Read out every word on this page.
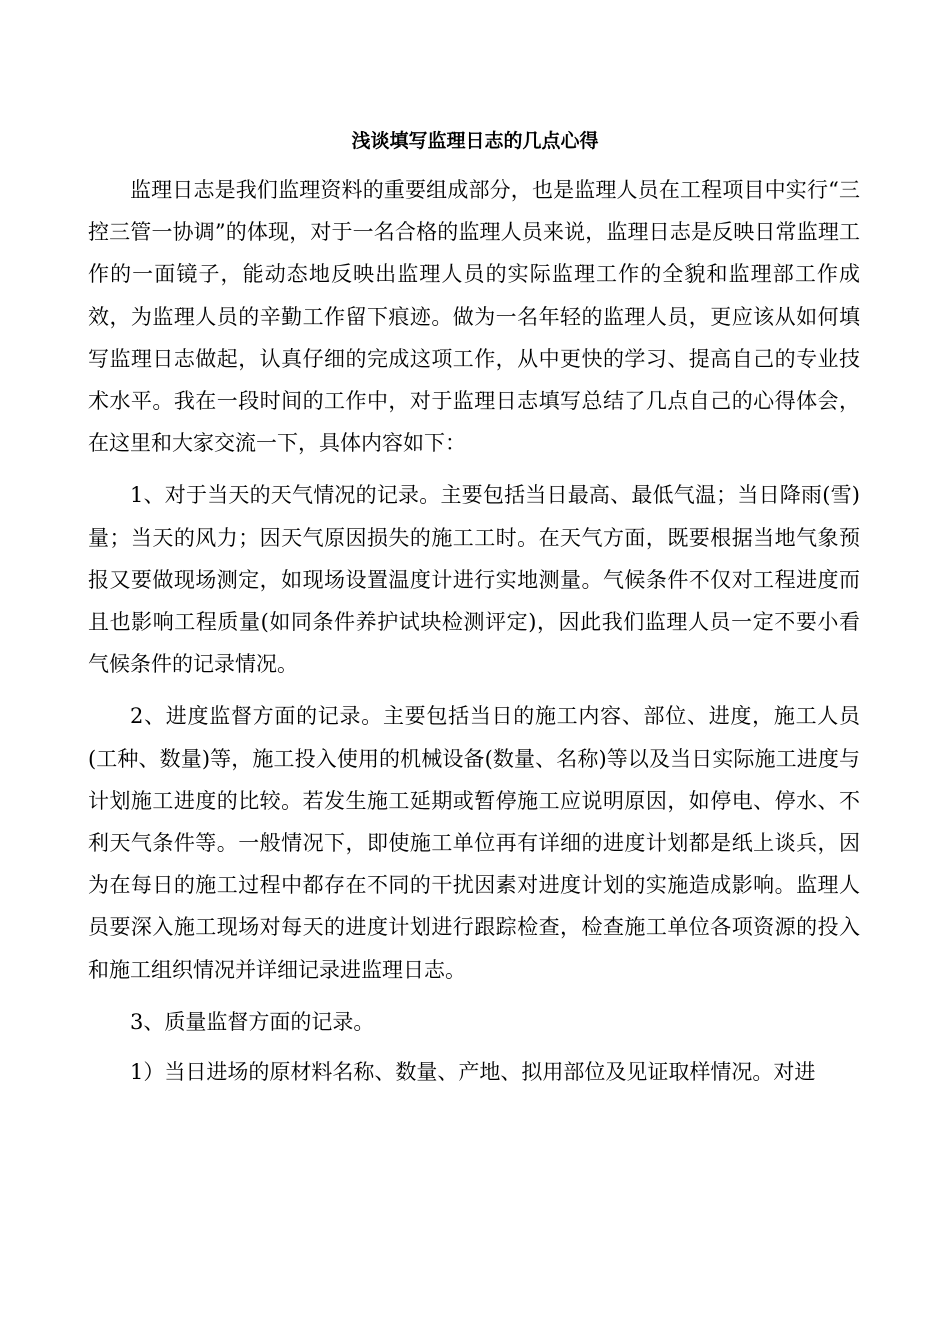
浅谈填写监理日志的几点心得

监理日志是我们监理资料的重要组成部分，也是监理人员在工程项目中实行“三控三管一协调”的体现，对于一名合格的监理人员来说，监理日志是反映日常监理工作的一面镜子，能动态地反映出监理人员的实际监理工作的全貌和监理部工作成效，为监理人员的辛勤工作留下痕迹。做为一名年轻的监理人员，更应该从如何填写监理日志做起，认真仔细的完成这项工作，从中更快的学习、提高自己的专业技术水平。我在一段时间的工作中，对于监理日志填写总结了几点自己的心得体会，在这里和大家交流一下，具体内容如下：

1、对于当天的天气情况的记录。主要包括当日最高、最低气温；当日降雨(雪)量；当天的风力；因天气原因损失的施工工时。在天气方面，既要根据当地气象预报又要做现场测定，如现场设置温度计进行实地测量。气候条件不仅对工程进度而且也影响工程质量(如同条件养护试块检测评定)，因此我们监理人员一定不要小看气候条件的记录情况。

2、进度监督方面的记录。主要包括当日的施工内容、部位、进度，施工人员(工种、数量)等，施工投入使用的机械设备(数量、名称)等以及当日实际施工进度与计划施工进度的比较。若发生施工延期或暂停施工应说明原因，如停电、停水、不利天气条件等。一般情况下，即使施工单位再有详细的进度计划都是纸上谈兵，因为在每日的施工过程中都存在不同的干扰因素对进度计划的实施造成影响。监理人员要深入施工现场对每天的进度计划进行跟踪检查，检查施工单位各项资源的投入和施工组织情况并详细记录进监理日志。

3、质量监督方面的记录。

1）当日进场的原材料名称、数量、产地、拟用部位及见证取样情况。对进
